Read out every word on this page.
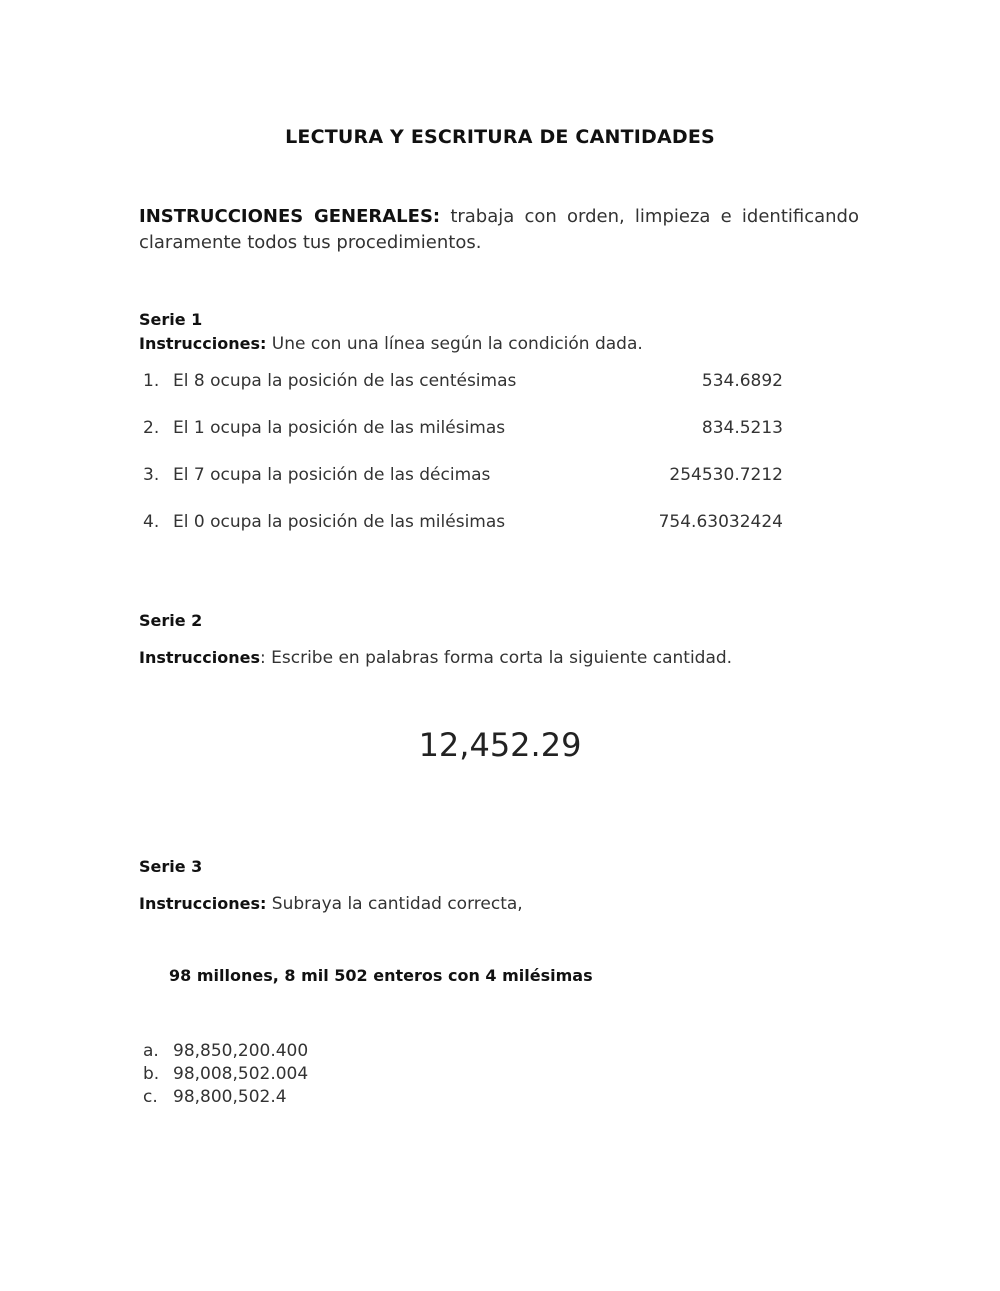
LECTURA Y ESCRITURA DE CANTIDADES
INSTRUCCIONES GENERALES: trabaja con orden, limpieza e identificando claramente todos tus procedimientos.
Serie 1
Instrucciones: Une con una línea según la condición dada.
1. El 8 ocupa la posición de las centésimas	534.6892
2. El 1 ocupa la posición de las milésimas	834.5213
3. El 7 ocupa la posición de las décimas	254530.7212
4. El 0 ocupa la posición de las milésimas	754.63032424
Serie 2
Instrucciones: Escribe en palabras forma corta la siguiente cantidad.
12,452.29
Serie 3
Instrucciones: Subraya la cantidad correcta,
98 millones, 8 mil 502 enteros con 4 milésimas
a. 98,850,200.400
b. 98,008,502.004
c. 98,800,502.4
